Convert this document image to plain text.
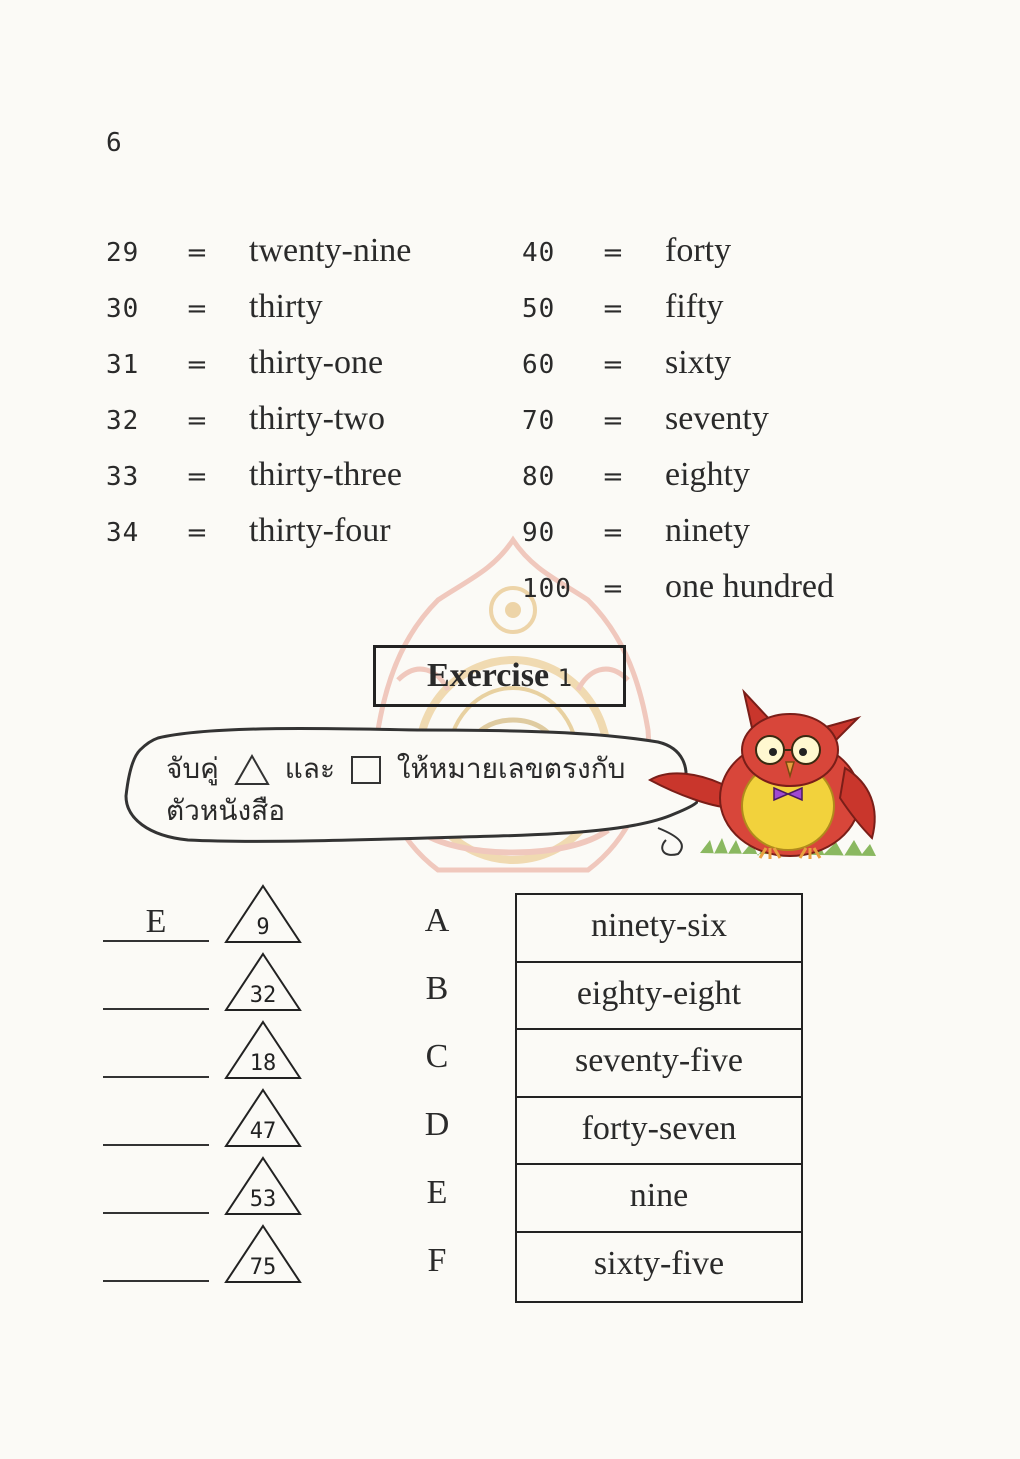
6
29 = twenty-nine
30 = thirty
31 = thirty-one
32 = thirty-two
33 = thirty-three
34 = thirty-four
40 = forty
50 = fifty
60 = sixty
70 = seventy
80 = eighty
90 = ninety
100 = one hundred
Exercise 1
จับคู่ และ ให้หมายเลขตรงกับ
ตัวหนังสือ
E	9
32
18
47
53
75
A
B
C
D
E
F
ninety-six
eighty-eight
seventy-five
forty-seven
nine
sixty-five
